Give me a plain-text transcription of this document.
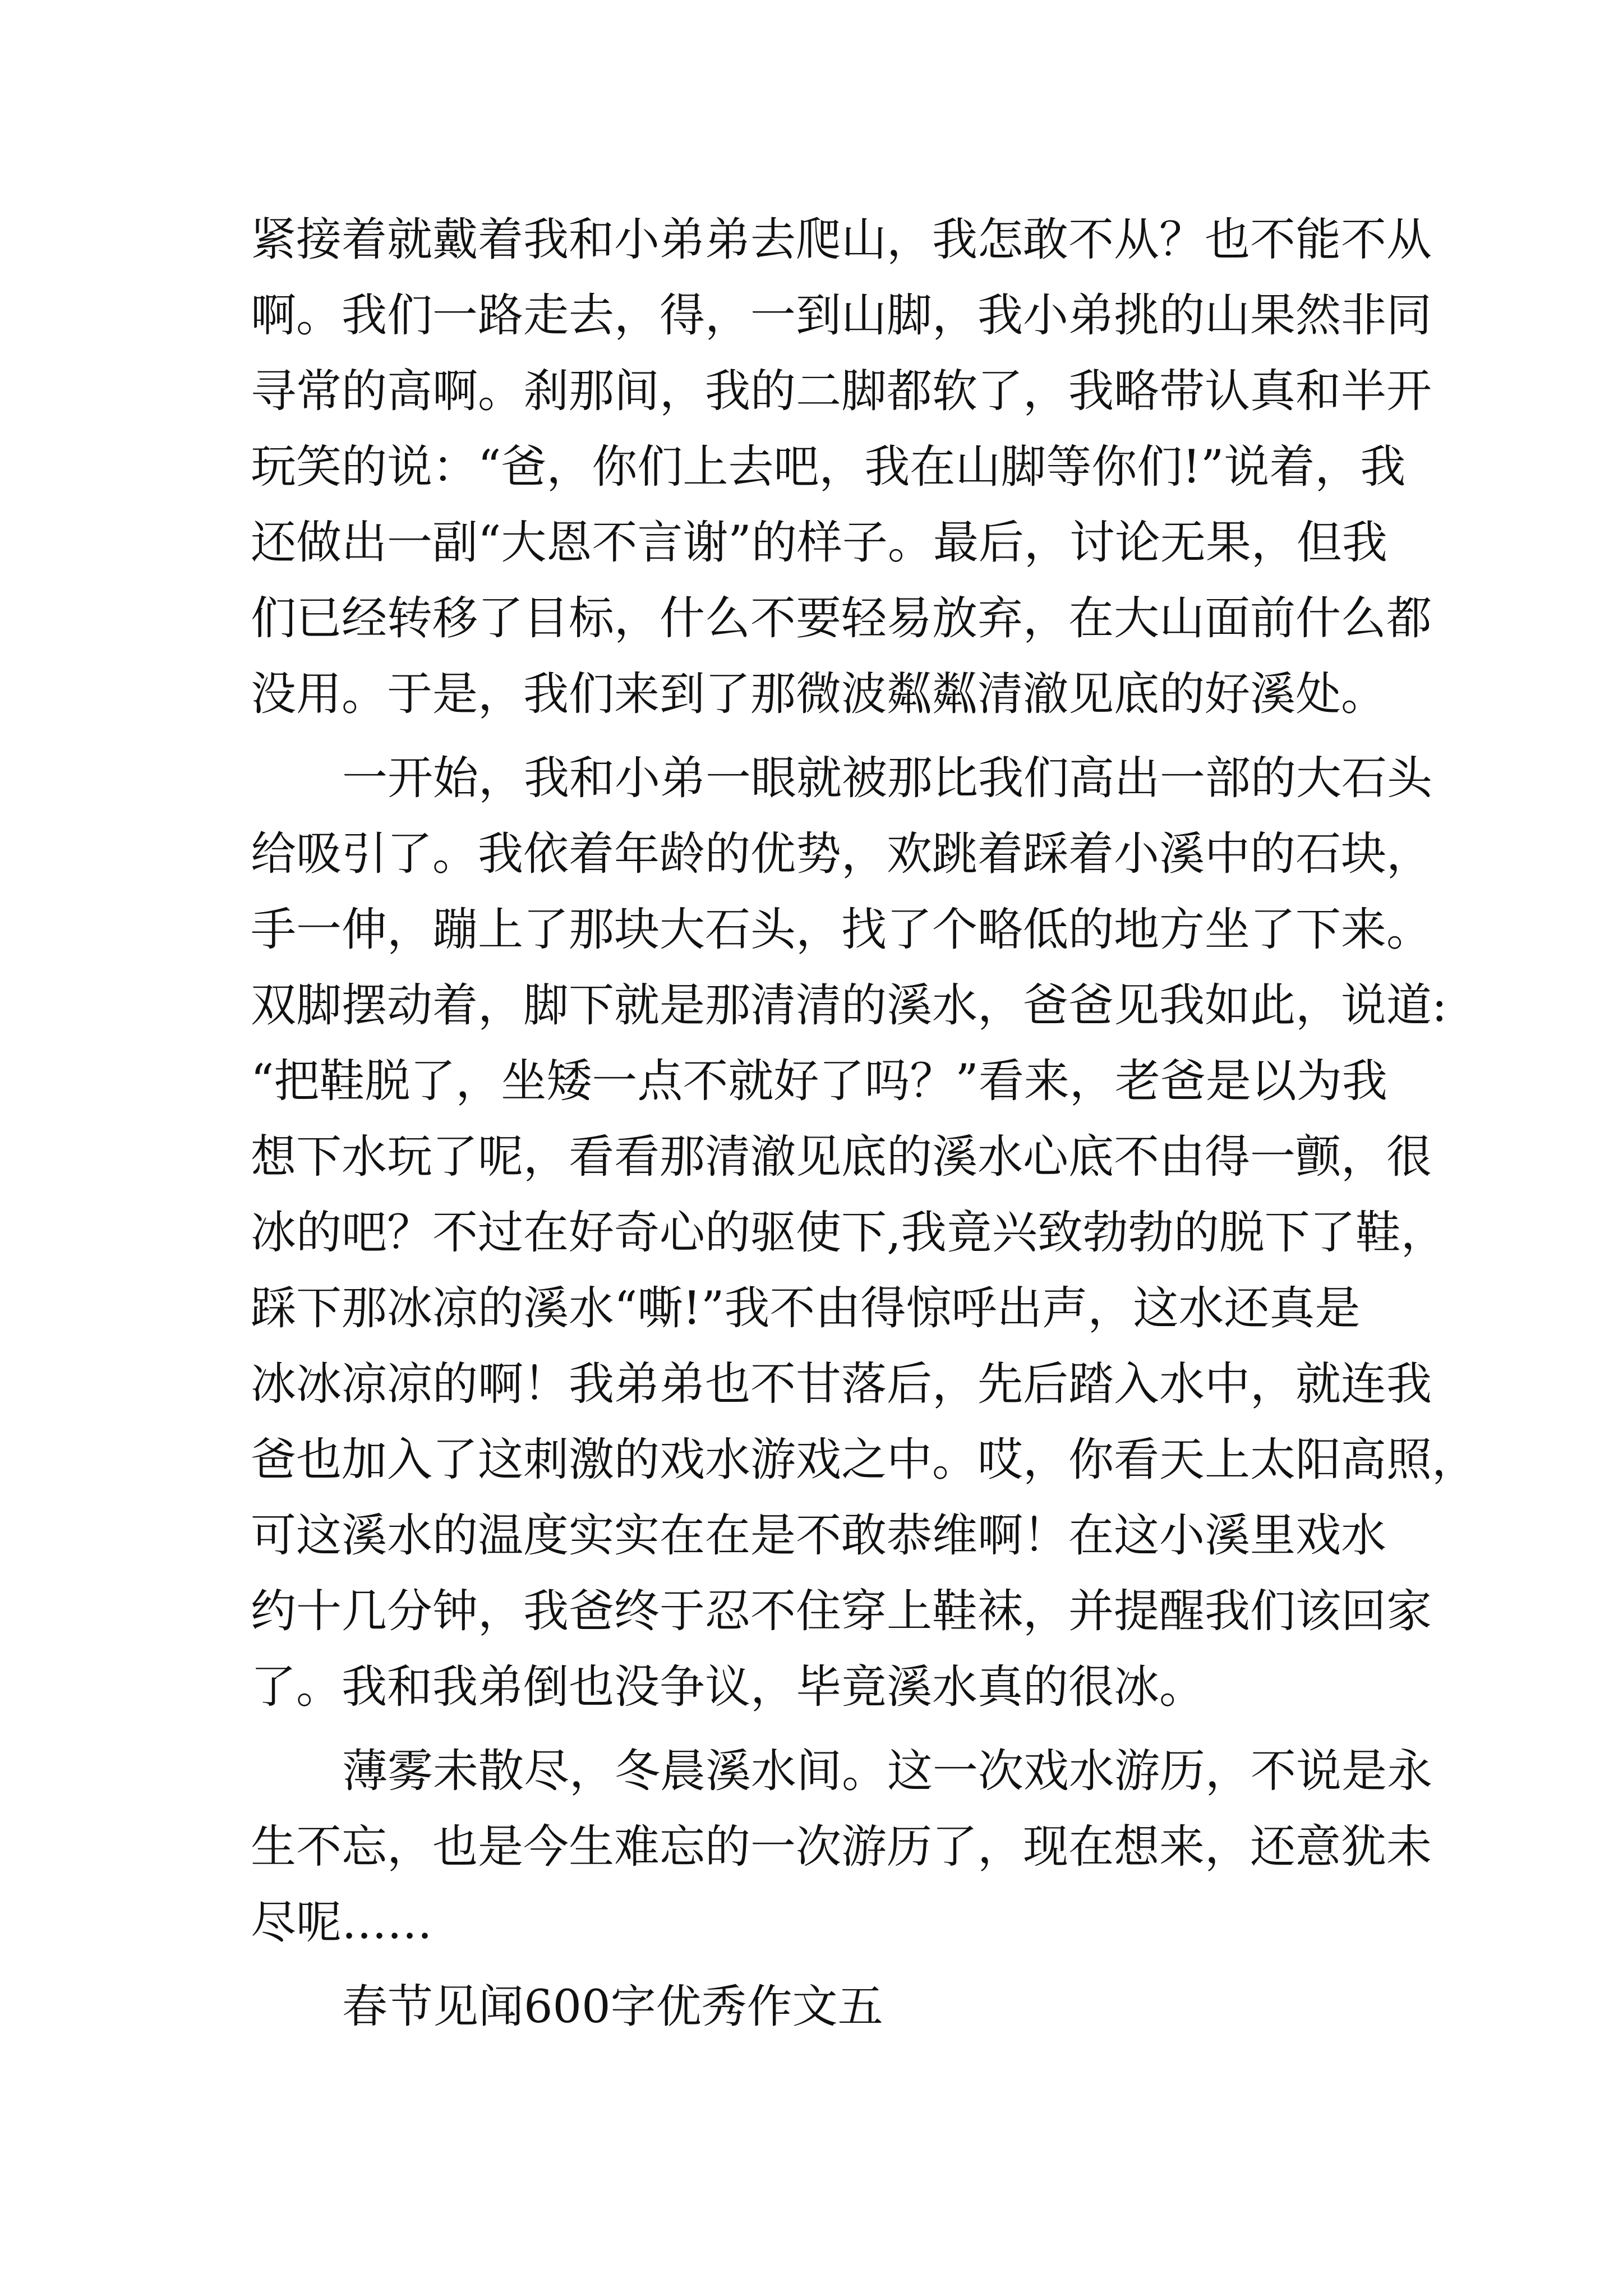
紧接着就戴着我和小弟弟去爬山，我怎敢不从？也不能不从
啊。我们一路走去，得，一到山脚，我小弟挑的山果然非同
寻常的高啊。刹那间，我的二脚都软了，我略带认真和半开
玩笑的说：“爸，你们上去吧，我在山脚等你们!”说着，我
还做出一副“大恩不言谢”的样子。最后，讨论无果，但我
们已经转移了目标，什么不要轻易放弃，在大山面前什么都
没用。于是，我们来到了那微波粼粼清澈见底的好溪处。
一开始，我和小弟一眼就被那比我们高出一部的大石头
给吸引了。我依着年龄的优势，欢跳着踩着小溪中的石块，
手一伸，蹦上了那块大石头，找了个略低的地方坐了下来。
双脚摆动着，脚下就是那清清的溪水，爸爸见我如此，说道:
“把鞋脱了，坐矮一点不就好了吗？”看来，老爸是以为我
想下水玩了呢，看看那清澈见底的溪水心底不由得一颤，很
冰的吧？不过在好奇心的驱使下,我竟兴致勃勃的脱下了鞋，
踩下那冰凉的溪水“嘶!”我不由得惊呼出声，这水还真是
冰冰凉凉的啊！我弟弟也不甘落后，先后踏入水中，就连我
爸也加入了这刺激的戏水游戏之中。哎，你看天上太阳高照，
可这溪水的温度实实在在是不敢恭维啊！在这小溪里戏水
约十几分钟，我爸终于忍不住穿上鞋袜，并提醒我们该回家
了。我和我弟倒也没争议，毕竟溪水真的很冰。
薄雾未散尽，冬晨溪水间。这一次戏水游历，不说是永
生不忘，也是今生难忘的一次游历了，现在想来，还意犹未
尽呢……
春节见闻600字优秀作文五
